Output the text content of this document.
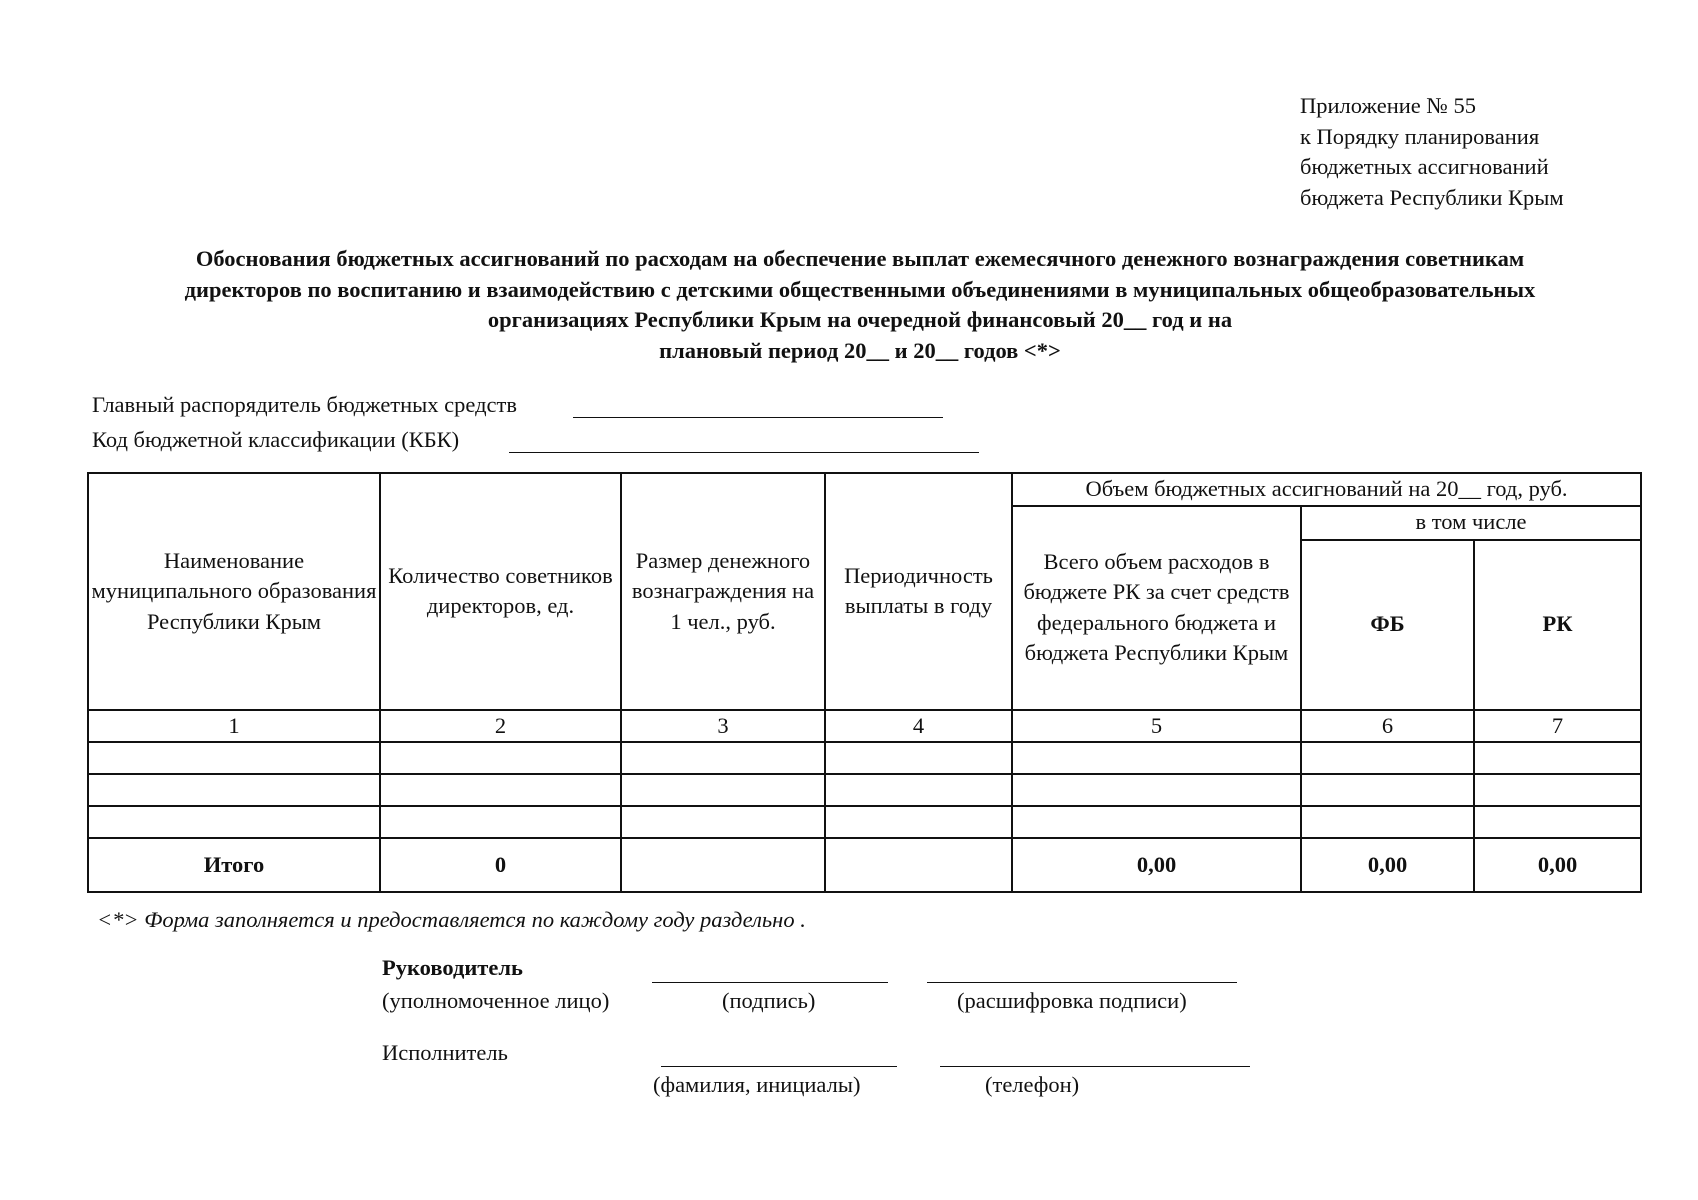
Приложение № 55
к Порядку планирования
бюджетных ассигнований
бюджета Республики Крым
Обоснования бюджетных ассигнований по расходам на обеспечение выплат ежемесячного денежного вознаграждения советникам
директоров по воспитанию и взаимодействию с детскими общественными объединениями в муниципальных общеобразовательных
организациях Республики Крым на очередной финансовый 20__ год и на
плановый период 20__ и 20__ годов <*>
Главный распорядитель бюджетных средств
Код бюджетной классификации (КБК)
Наименование муниципального образования Республики Крым	Количество советников директоров, ед.	Размер денежного вознаграждения на 1 чел., руб.	Периодичность выплаты в году	Объем бюджетных ассигнований на 20__ год, руб.		
				Всего объем расходов в бюджете РК за счет средств федерального бюджета и бюджета Республики Крым	в том числе	
					ФБ	РК
1	2	3	4	5	6	7

Итого	0			0,00	0,00	0,00
<*> Форма заполняется и предоставляется по каждому году раздельно .
Руководитель
(уполномоченное лицо)	(подпись)	(расшифровка подписи)
Исполнитель
(фамилия, инициалы)	(телефон)
